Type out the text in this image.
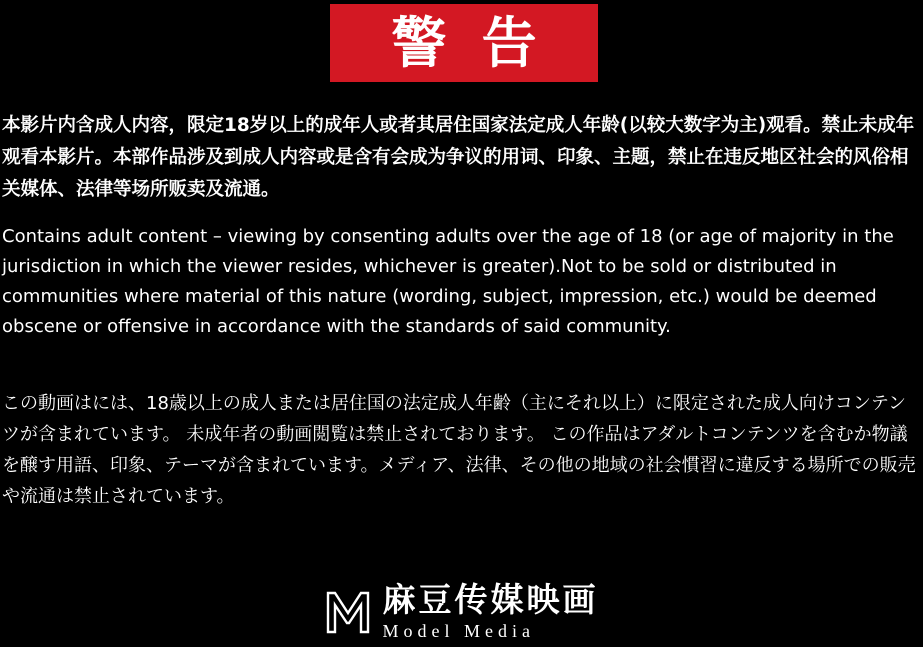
警 告
本影片内含成人内容，限定18岁以上的成年人或者其居住国家法定成人年龄(以较大数字为主)观看。禁止未成年观看本影片。本部作品涉及到成人内容或是含有会成为争议的用词、印象、主题，禁止在违反地区社会的风俗相关媒体、法律等场所贩卖及流通。
Contains adult content – viewing by consenting adults over the age of 18 (or age of majority in the jurisdiction in which the viewer resides, whichever is greater).Not to be sold or distributed in communities where material of this nature (wording, subject, impression, etc.) would be deemed obscene or offensive in accordance with the standards of said community.
この動画はには、18歳以上の成人または居住国の法定成人年齢（主にそれ以上）に限定された成人向けコンテンツが含まれています。 未成年者の動画閲覧は禁止されております。 この作品はアダルトコンテンツを含むか物議を醸す用語、印象、テーマが含まれています。メディア、法律、その他の地域の社会慣習に違反する場所での販売や流通は禁止されています。
麻豆传媒映画
Model Media
